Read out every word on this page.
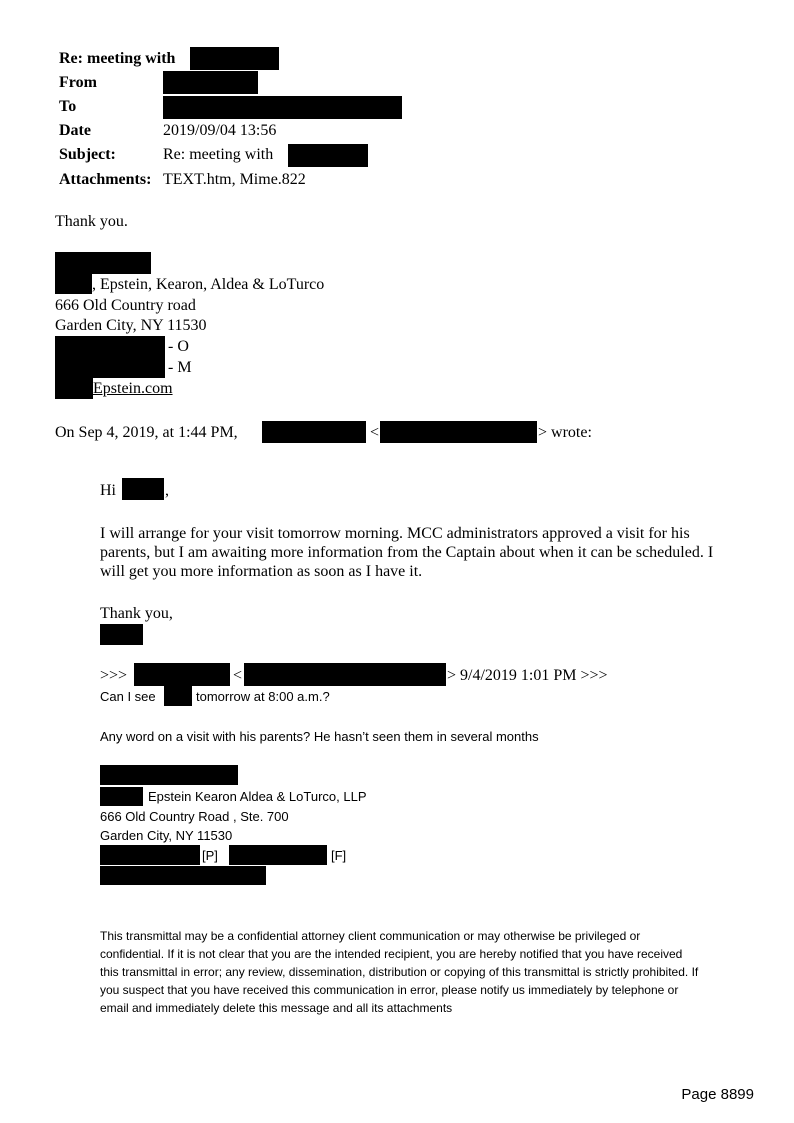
Re: meeting with
From
To
Date	2019/09/04 13:56
Subject:	Re: meeting with
Attachments: TEXT.htm, Mime.822
Thank you.
, Epstein, Kearon, Aldea & LoTurco
666 Old Country road
Garden City, NY 11530
- O
- M
Epstein.com
On Sep 4, 2019, at 1:44 PM,	<	> wrote:
Hi	,
I will arrange for your visit tomorrow morning. MCC administrators approved a visit for his parents, but I am awaiting more information from the Captain about when it can be scheduled. I will get you more information as soon as I have it.
Thank you,
>>>	<	> 9/4/2019 1:01 PM >>>
Can I see	tomorrow at 8:00 a.m.?
Any word on a visit with his parents? He hasn’t seen them in several months
Epstein Kearon Aldea & LoTurco, LLP
666 Old Country Road , Ste. 700
Garden City, NY 11530
[P]	[F]
This transmittal may be a confidential attorney client communication or may otherwise be privileged or confidential. If it is not clear that you are the intended recipient, you are hereby notified that you have received this transmittal in error; any review, dissemination, distribution or copying of this transmittal is strictly prohibited. If you suspect that you have received this communication in error, please notify us immediately by telephone or email and immediately delete this message and all its attachments
Page 8899
